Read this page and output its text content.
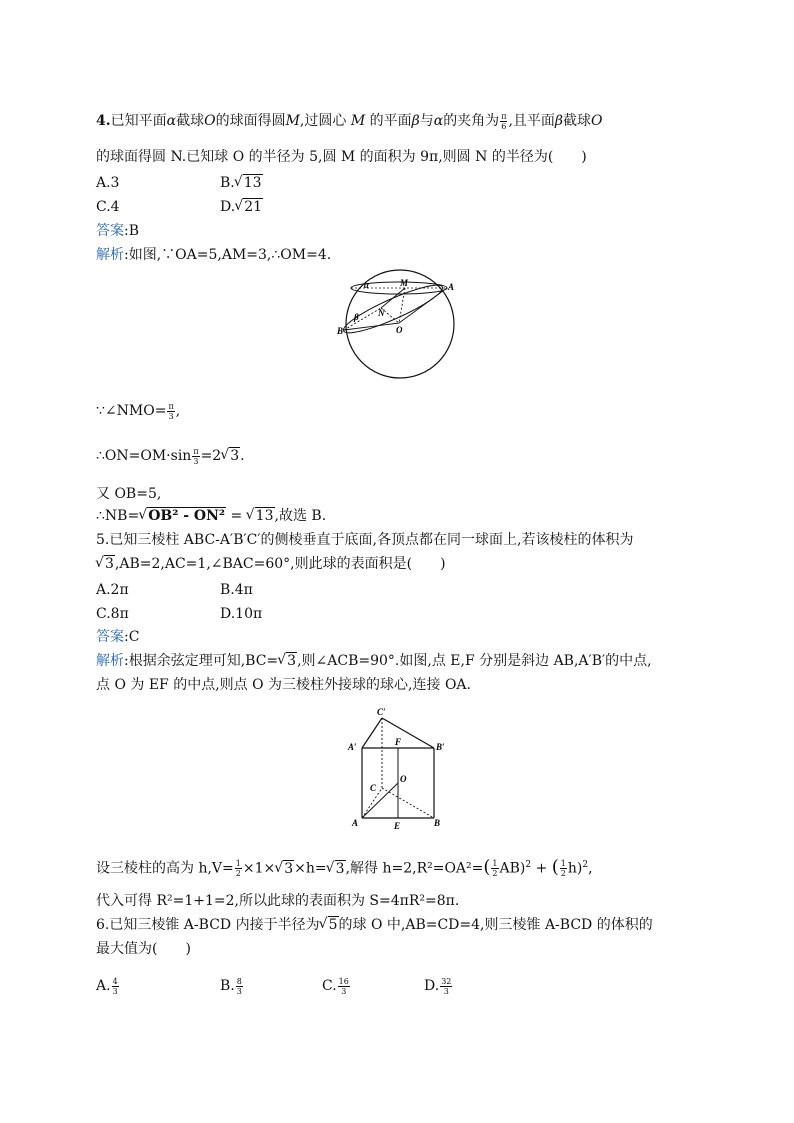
4.已知平面α截球O的球面得圆M,过圆心 M 的平面β与α的夹角为 $\frac{\pi}{6}$ ,且平面β截球O
的球面得圆 N.已知球 O 的半径为 5,圆 M 的面积为 9π,则圆 N 的半径为(　　)
A.3	B.√ 13
C.4	D.√ 21
答案:B
解析:如图,∵OA=5,AM=3,∴OM=4.
α	M	A
β N
B	O
∵∠NMO= $\frac{\pi}{3}$ ,
∴ON=OM·sin $\frac{\pi}{3} =2√$ 3.
又 OB=5,
∴NB=√ OB² - ON² = √ 13,故选 B.
5.已知三棱柱 ABC-A′B′C′的侧棱垂直于底面,各顶点都在同一球面上,若该棱柱的体积为
√ 3,AB=2,AC=1,∠BAC=60°,则此球的表面积是(　　)
A.2π	B.4π
C.8π	D.10π
答案:C
解析:根据余弦定理可知,BC=√ 3,则∠ACB=90°.如图,点 E,F 分别是斜边 AB,A′B′的中点,
点 O 为 EF 的中点,则点 O 为三棱柱外接球的球心,连接 OA.
C′
A′	F	B′
O
C
A	E	B
设三棱柱的高为 $h,V= \frac{1}{2} \times 1\times√$ 3×h=√ 3,解得 $h=2,R^2=OA^2=( \frac{1}{2} AB)^2$ + ( $\frac{1}{2} h)^2$,
代入可得 R²=1+1=2,所以此球的表面积为 S=4πR²=8π.
6.已知三棱锥 A-BCD 内接于半径为√ 5的球 O 中,AB=CD=4,则三棱锥 A-BCD 的体积的
最大值为(　　)
A. $\frac{4}{3}$	B. $\frac{8}{3}$	C. $\frac{16}{3}$	D. $\frac{32}{3}$
